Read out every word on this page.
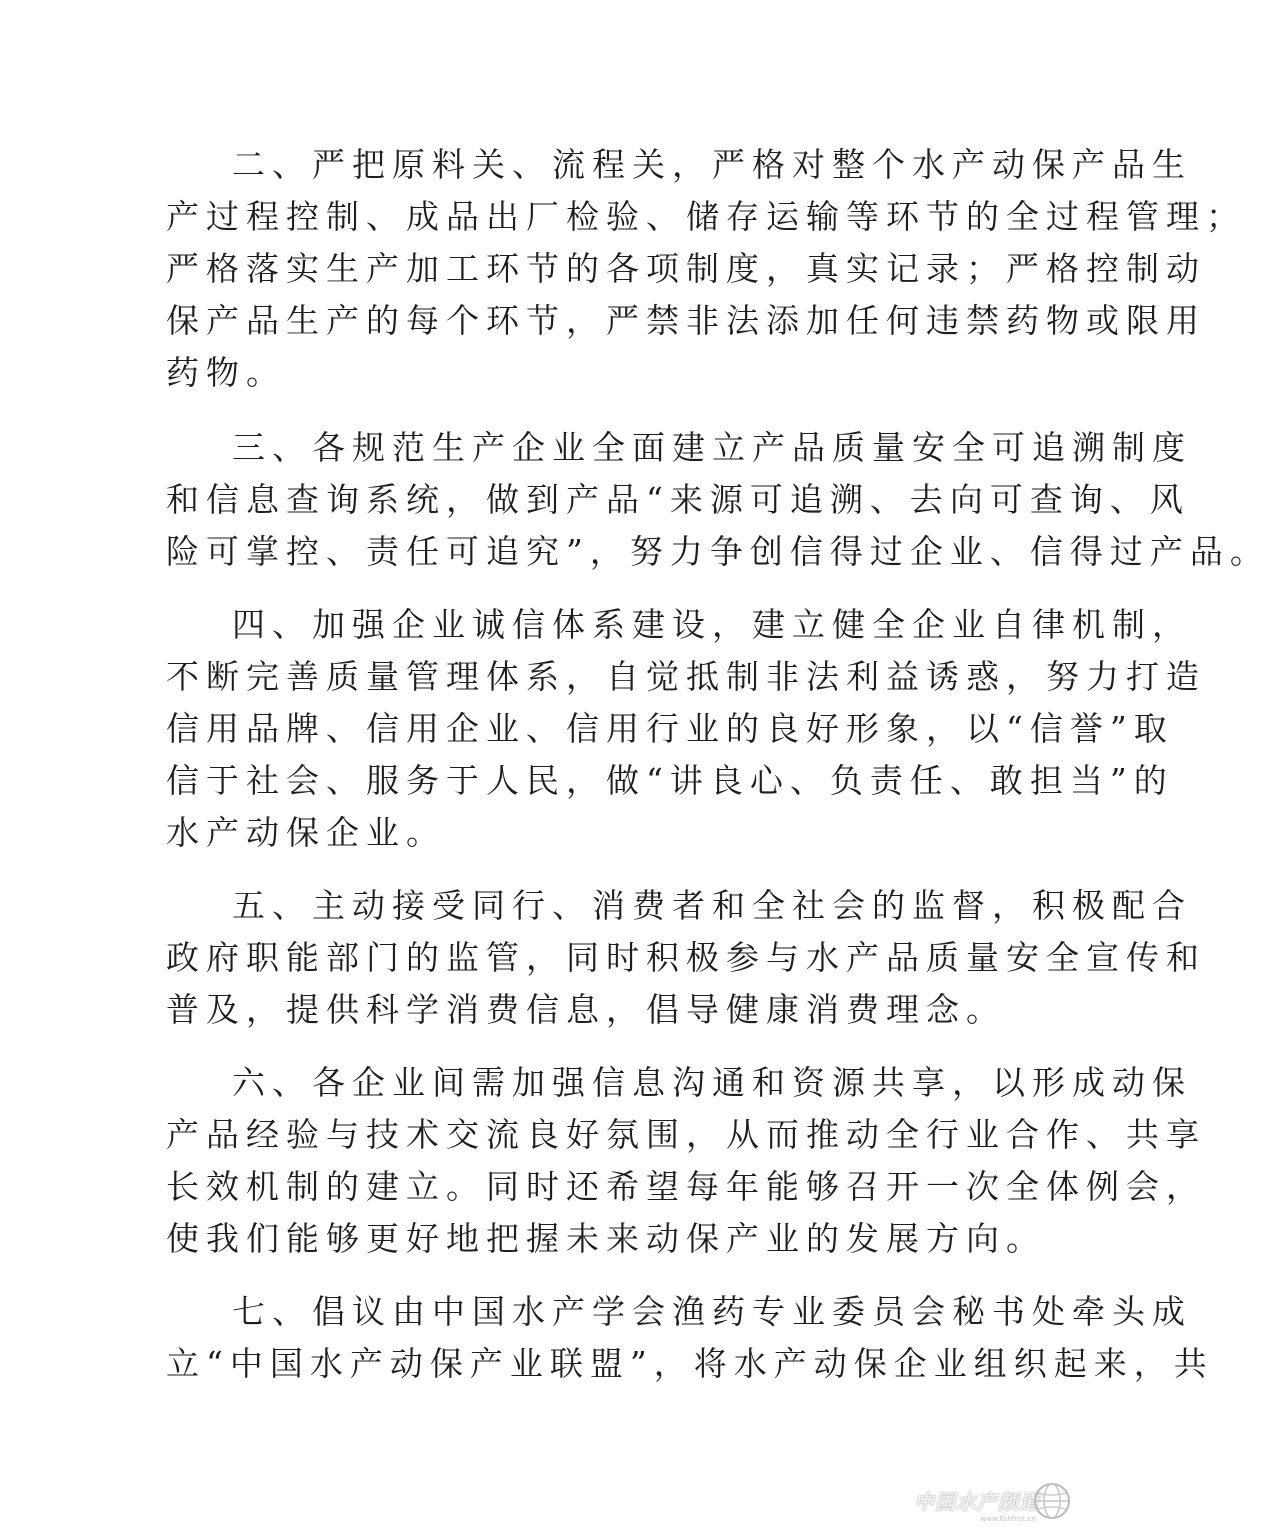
二、严把原料关、流程关，严格对整个水产动保产品生
产过程控制、成品出厂检验、储存运输等环节的全过程管理；
严格落实生产加工环节的各项制度，真实记录；严格控制动
保产品生产的每个环节，严禁非法添加任何违禁药物或限用
药物。
三、各规范生产企业全面建立产品质量安全可追溯制度
和信息查询系统，做到产品“来源可追溯、去向可查询、风
险可掌控、责任可追究”，努力争创信得过企业、信得过产品。
四、加强企业诚信体系建设，建立健全企业自律机制，
不断完善质量管理体系，自觉抵制非法利益诱惑，努力打造
信用品牌、信用企业、信用行业的良好形象，以“信誉”取
信于社会、服务于人民，做“讲良心、负责任、敢担当”的
水产动保企业。
五、主动接受同行、消费者和全社会的监督，积极配合
政府职能部门的监管，同时积极参与水产品质量安全宣传和
普及，提供科学消费信息，倡导健康消费理念。
六、各企业间需加强信息沟通和资源共享，以形成动保
产品经验与技术交流良好氛围，从而推动全行业合作、共享
长效机制的建立。同时还希望每年能够召开一次全体例会，
使我们能够更好地把握未来动保产业的发展方向。
七、倡议由中国水产学会渔药专业委员会秘书处牵头成
立“中国水产动保产业联盟”，将水产动保企业组织起来，共
中国水产频道
www.fishfirst.cn
